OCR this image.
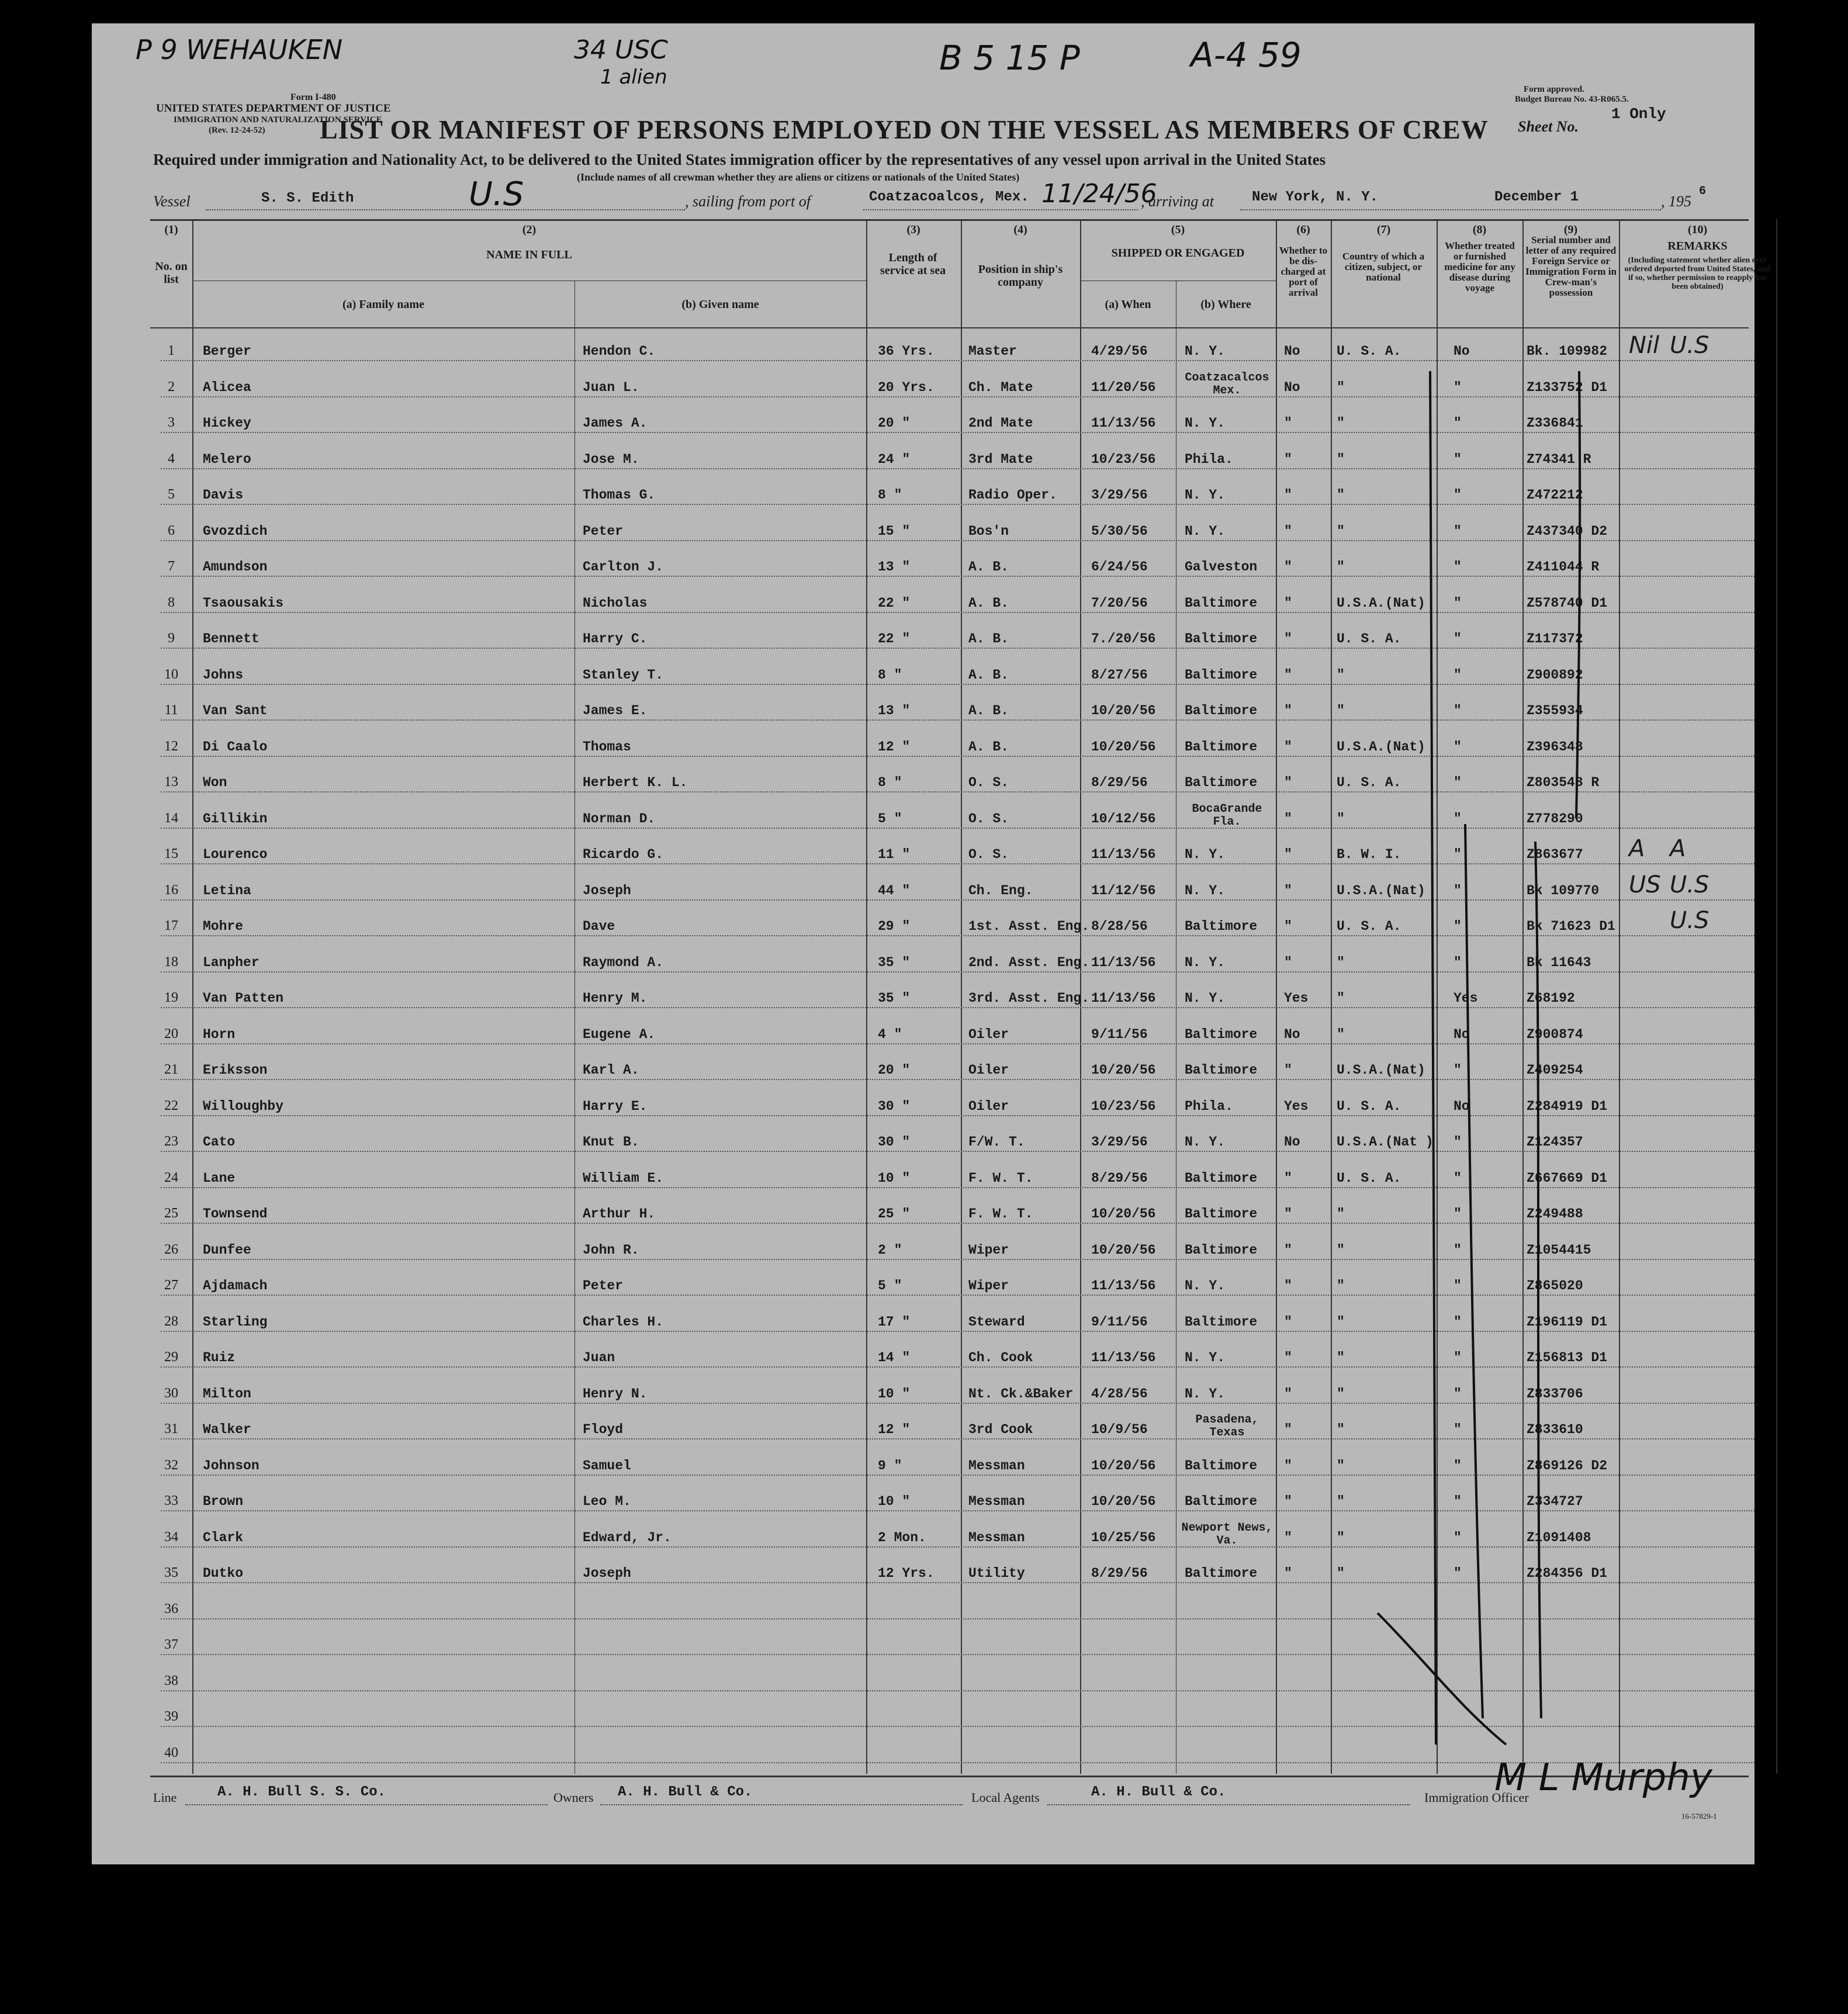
P 9 WEHAUKEN	34 USC
1 alien	B 5 15 P	A-4 59
Form I-480
UNITED STATES DEPARTMENT OF JUSTICE
IMMIGRATION AND NATURALIZATION SERVICE
(Rev. 12-24-52)
Form approved.
Budget Bureau No. 43-R065.5.
Sheet No.
1 Only
LIST OR MANIFEST OF PERSONS EMPLOYED ON THE VESSEL AS MEMBERS OF CREW
Required under immigration and Nationality Act, to be delivered to the United States immigration officer by the representatives of any vessel upon arrival in the United States
(Include names of all crewman whether they are aliens or citizens or nationals of the United States)
Vessel	S. S. Edith	U.S	, sailing from port of	Coatzacoalcos, Mex. 11/24/56
, arriving at	New York, N. Y.	December 1	, 195
6
(1)
No. on list
(2)
NAME IN FULL
(a) Family name	(b) Given name
(3)
Length of service at sea
(4)
Position in ship's company
(5)
SHIPPED OR ENGAGED
(a) When	(b) Where
(6)
Whether to be dis-charged at port of arrival
(7)
Country of which a citizen, subject, or national
(8)
Whether treated or furnished medicine for any disease during voyage
(9)
Serial number and letter of any required Foreign Service or Immigration Form in Crew-man's possession
(10)
REMARKS
(Including statement whether alien ever ordered deported from United States, and if so, whether permission to reapply has been obtained)
1	Berger	Hendon C.	36 Yrs.	Master	4/29/56	N. Y.	No	U. S. A.	No	Bk. 109982 Nil U.S
2	Alicea	Juan L.	20 Yrs.	Ch. Mate	11/20/56
Coatzacalcos Mex.	No	"	"	Z133752 D1
3	Hickey	James A.	20 "	2nd Mate	11/13/56 N. Y.	"	"	"	Z336841
4	Melero	Jose M.	24 "	3rd Mate	10/23/56 Phila.	"	"	"	Z74341 R
5	Davis	Thomas G.	8 "	Radio Oper.	3/29/56	N. Y.	"	"	"	Z472212
6	Gvozdich	Peter	15 "	Bos'n	5/30/56	N. Y.	"	"	"	Z437340 D2
7	Amundson	Carlton J.	13 "	A. B.	6/24/56	Galveston "	"	"	Z411044 R
8	Tsaousakis	Nicholas	22 "	A. B.	7/20/56	Baltimore "	U.S.A.(Nat) "	Z578740 D1
9	Bennett	Harry C.	22 "	A. B.	7./20/56 Baltimore "	U. S. A.	"	Z117372
10	Johns	Stanley T.	8 "	A. B.	8/27/56	Baltimore "	"	"	Z900892
11	Van Sant	James E.	13 "	A. B.	10/20/56 Baltimore "	"	"	Z355934
12	Di Caalo	Thomas	12 "	A. B.	10/20/56 Baltimore "	U.S.A.(Nat) "	Z396348
13	Won	Herbert K. L.	8 "	O. S.	8/29/56	Baltimore "	U. S. A.	"	Z803548 R
14	Gillikin	Norman D.	5 "	O. S.	10/12/56
BocaGrande Fla.	"	"	"	Z778290
15	Lourenco	Ricardo G.	11 "	O. S.	11/13/56 N. Y.	"	B. W. I.	"	Z863677 A A
16	Letina	Joseph	44 "	Ch. Eng.	11/12/56 N. Y.	"	U.S.A.(Nat) "	Bk 109770 US U.S
17	Mohre	Dave	29 "	1st. Asst. Eng. 8/28/56	Baltimore "	U. S. A.	"	Bk 71623 D1 U.S
18	Lanpher	Raymond A.	35 "	2nd. Asst. Eng. 11/13/56 N. Y.	"	"	"	Bk 11643
19	Van Patten	Henry M.	35 "	3rd. Asst. Eng. 11/13/56 N. Y.	Yes "	Yes	Z68192
20	Horn	Eugene A.	4 "	Oiler	9/11/56	Baltimore No	"	No	Z900874
21	Eriksson	Karl A.	20 "	Oiler	10/20/56 Baltimore "	U.S.A.(Nat) "	Z409254
22	Willoughby	Harry E.	30 "	Oiler	10/23/56 Phila.	Yes U. S. A.	No	Z284919 D1
23	Cato	Knut B.	30 "	F/W. T.	3/29/56	N. Y.	No	U.S.A.(Nat ) "	Z124357
24	Lane	William E.	10 "	F. W. T.	8/29/56	Baltimore "	U. S. A.	"	Z667669 D1
25	Townsend	Arthur H.	25 "	F. W. T.	10/20/56 Baltimore "	"	"	Z249488
26	Dunfee	John R.	2 "	Wiper	10/20/56 Baltimore "	"	"	Z1054415
27	Ajdamach	Peter	5 "	Wiper	11/13/56 N. Y.	"	"	"	Z865020
28	Starling	Charles H.	17 "	Steward	9/11/56	Baltimore "	"	"	Z196119 D1
29	Ruiz	Juan	14 "	Ch. Cook	11/13/56 N. Y.	"	"	"	Z156813 D1
30	Milton	Henry N.	10 "	Nt. Ck.&Baker 4/28/56	N. Y.	"	"	"	Z833706
31	Walker	Floyd	12 "	3rd Cook	10/9/56
Pasadena, Texas	"	"	"	Z833610
32	Johnson	Samuel	9 "	Messman	10/20/56 Baltimore "	"	"	Z869126 D2
33	Brown	Leo M.	10 "	Messman	10/20/56 Baltimore "	"	"	Z334727
34	Clark	Edward, Jr.	2 Mon.	Messman	10/25/56
Newport News, Va.	"	"	"	Z1091408
35	Dutko	Joseph	12 Yrs.	Utility	8/29/56	Baltimore "	"	"	Z284356 D1
36
37
38
39
40
Line	A. H. Bull S. S. Co.	Owners A. H. Bull & Co.	Local Agents	A. H. Bull & Co.	Immigration Officer
M L Murphy
16-57829-1
